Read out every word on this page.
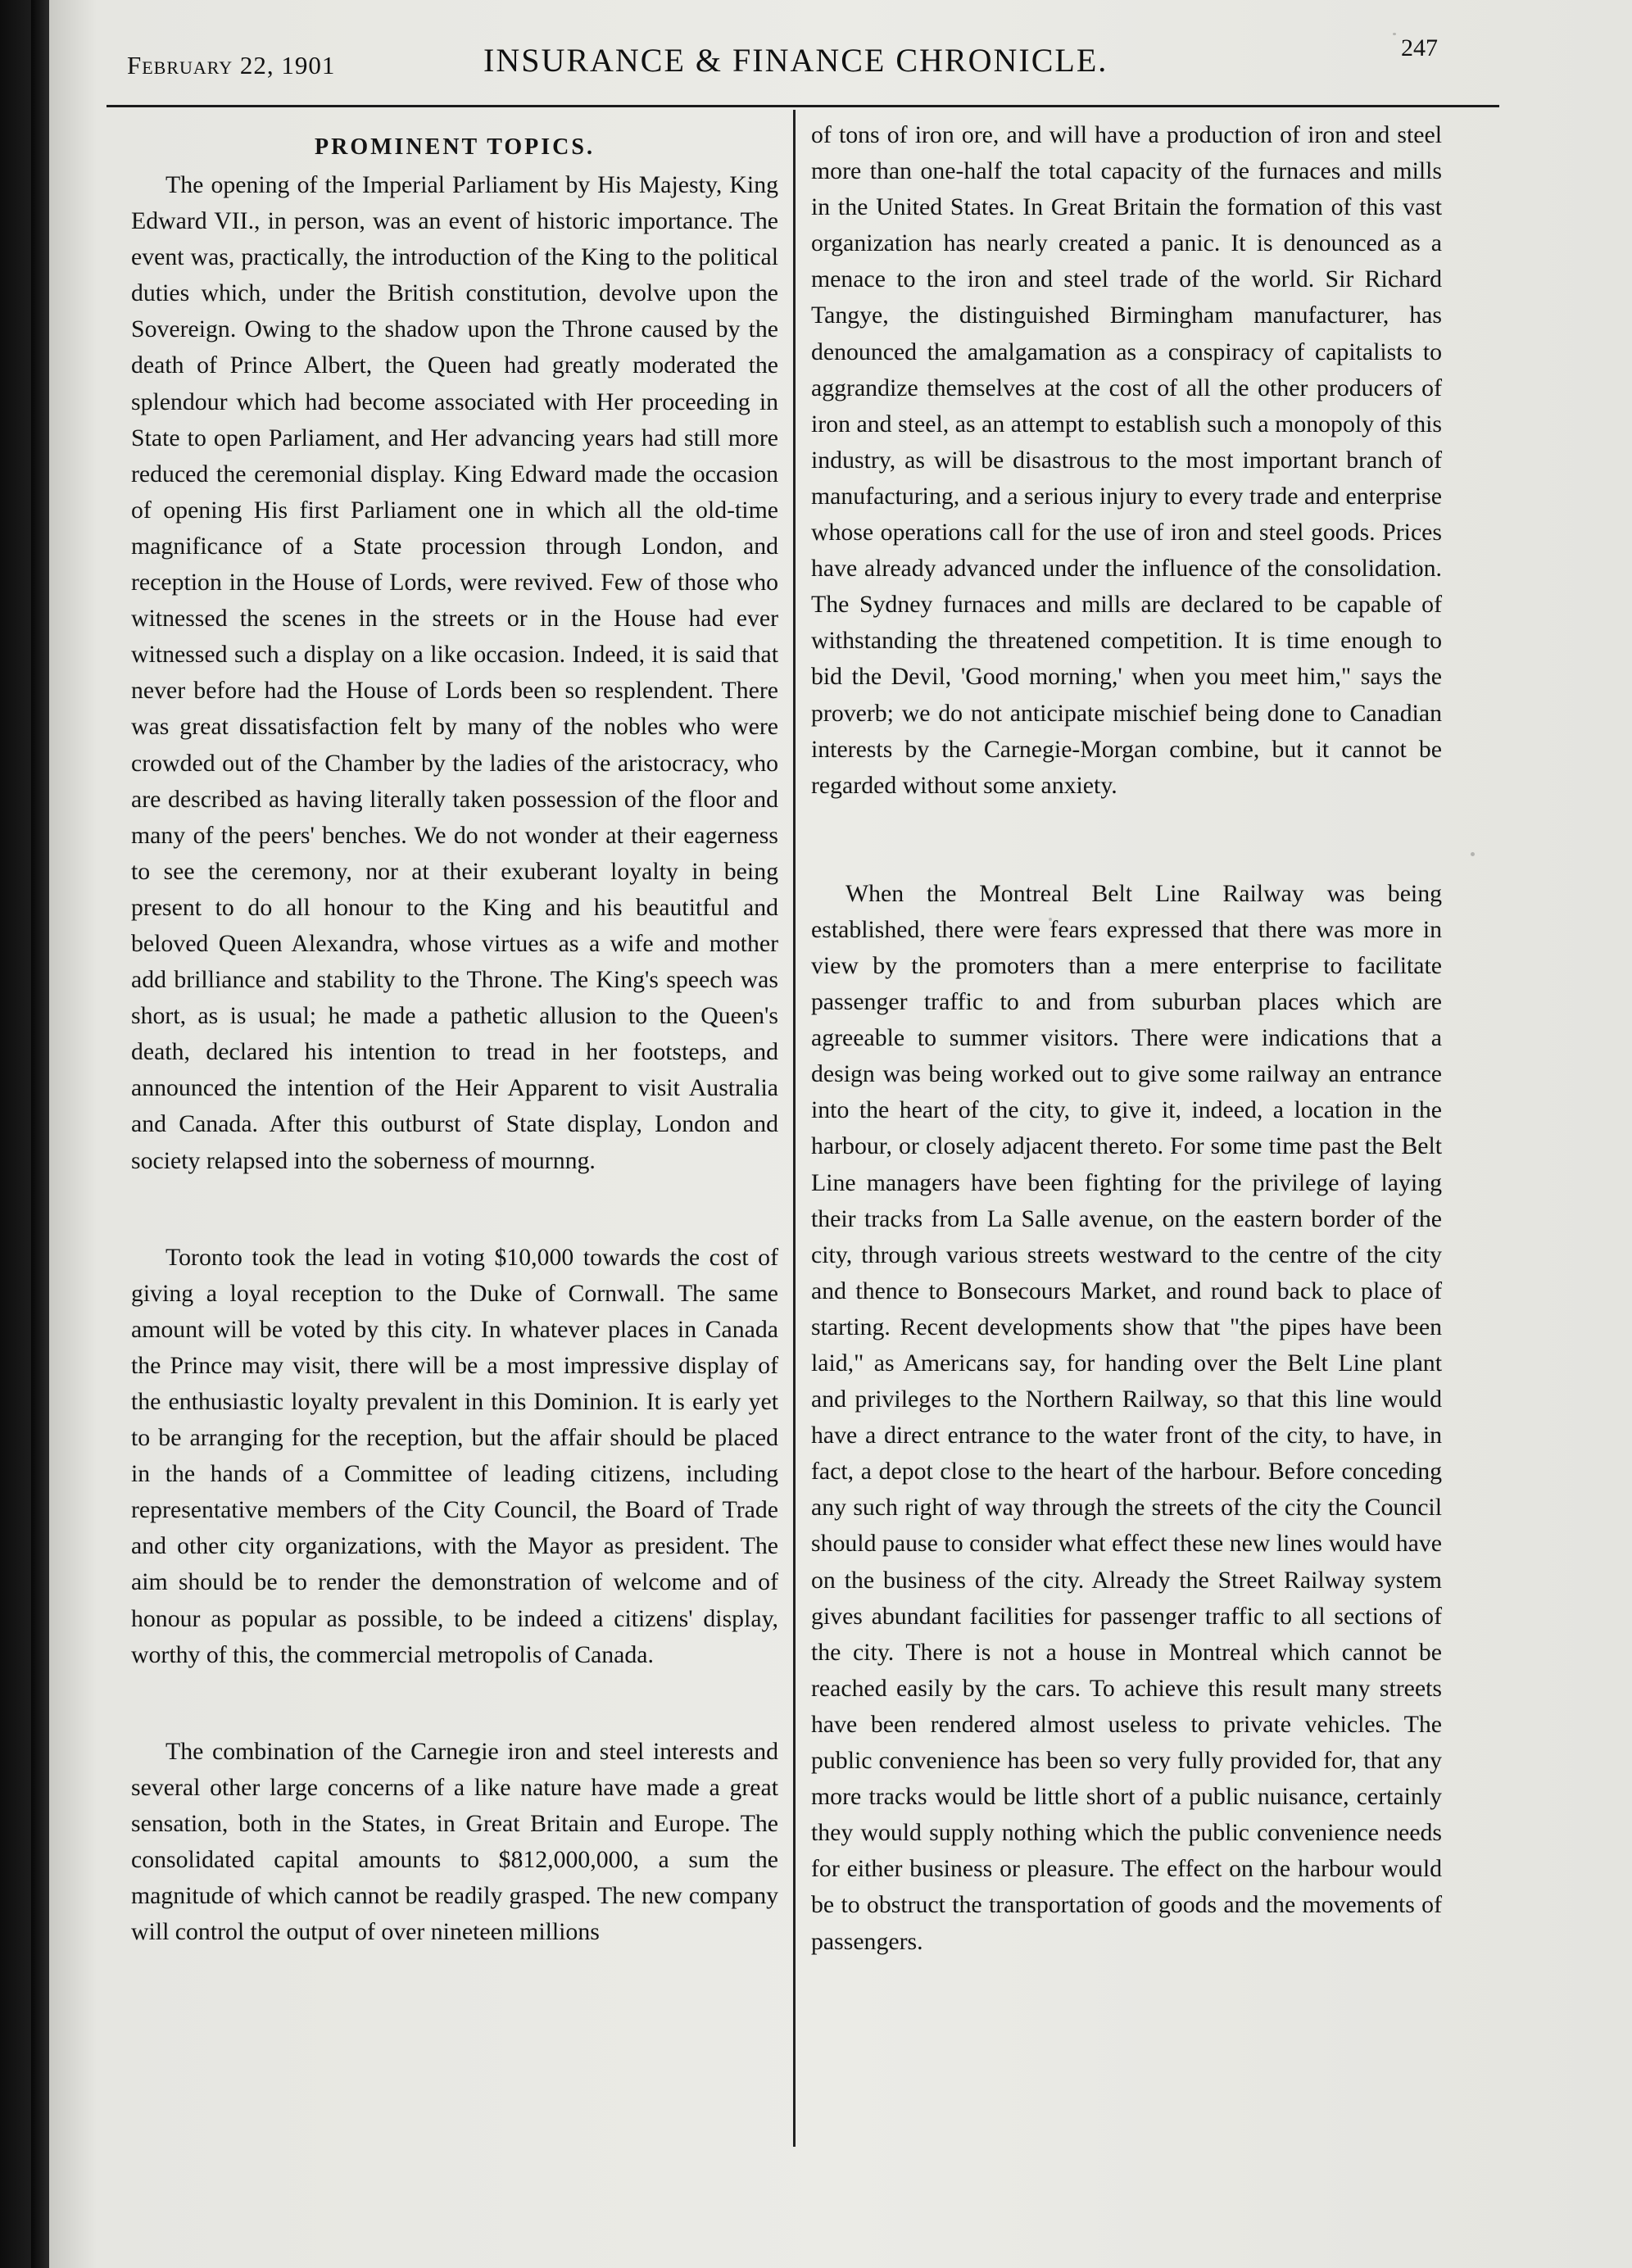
February 22, 1901	INSURANCE & FINANCE CHRONICLE.	247
PROMINENT TOPICS.

The opening of the Imperial Parliament by His Majesty, King Edward VII., in person, was an event of historic importance. The event was, practically, the introduction of the King to the political duties which, under the British constitution, devolve upon the Sovereign. Owing to the shadow upon the Throne caused by the death of Prince Albert, the Queen had greatly moderated the splendour which had become associated with Her proceeding in State to open Parliament, and Her advancing years had still more reduced the ceremonial display. King Edward made the occasion of opening His first Parliament one in which all the old-time magnificance of a State procession through London, and reception in the House of Lords, were revived. Few of those who witnessed the scenes in the streets or in the House had ever witnessed such a display on a like occasion. Indeed, it is said that never before had the House of Lords been so resplendent. There was great dissatisfaction felt by many of the nobles who were crowded out of the Chamber by the ladies of the aristocracy, who are described as having literally taken possession of the floor and many of the peers' benches. We do not wonder at their eagerness to see the ceremony, nor at their exuberant loyalty in being present to do all honour to the King and his beautitful and beloved Queen Alexandra, whose virtues as a wife and mother add brilliance and stability to the Throne. The King's speech was short, as is usual; he made a pathetic allusion to the Queen's death, declared his intention to tread in her footsteps, and announced the intention of the Heir Apparent to visit Australia and Canada. After this outburst of State display, London and society relapsed into the soberness of mournng.

Toronto took the lead in voting $10,000 towards the cost of giving a loyal reception to the Duke of Cornwall. The same amount will be voted by this city. In whatever places in Canada the Prince may visit, there will be a most impressive display of the enthusiastic loyalty prevalent in this Dominion. It is early yet to be arranging for the reception, but the affair should be placed in the hands of a Committee of leading citizens, including representative members of the City Council, the Board of Trade and other city organizations, with the Mayor as president. The aim should be to render the demonstration of welcome and of honour as popular as possible, to be indeed a citizens' display, worthy of this, the commercial metropolis of Canada.

The combination of the Carnegie iron and steel interests and several other large concerns of a like nature have made a great sensation, both in the States, in Great Britain and Europe. The consolidated capital amounts to $812,000,000, a sum the magnitude of which cannot be readily grasped. The new company will control the output of over nineteen millions

of tons of iron ore, and will have a production of iron and steel more than one-half the total capacity of the furnaces and mills in the United States. In Great Britain the formation of this vast organization has nearly created a panic. It is denounced as a menace to the iron and steel trade of the world. Sir Richard Tangye, the distinguished Birmingham manufacturer, has denounced the amalgamation as a conspiracy of capitalists to aggrandize themselves at the cost of all the other producers of iron and steel, as an attempt to establish such a monopoly of this industry, as will be disastrous to the most important branch of manufacturing, and a serious injury to every trade and enterprise whose operations call for the use of iron and steel goods. Prices have already advanced under the influence of the consolidation. The Sydney furnaces and mills are declared to be capable of withstanding the threatened competition. It is time enough to bid the Devil, 'Good morning,' when you meet him," says the proverb; we do not anticipate mischief being done to Canadian interests by the Carnegie-Morgan combine, but it cannot be regarded without some anxiety.

When the Montreal Belt Line Railway was being established, there were fears expressed that there was more in view by the promoters than a mere enterprise to facilitate passenger traffic to and from suburban places which are agreeable to summer visitors. There were indications that a design was being worked out to give some railway an entrance into the heart of the city, to give it, indeed, a location in the harbour, or closely adjacent thereto. For some time past the Belt Line managers have been fighting for the privilege of laying their tracks from La Salle avenue, on the eastern border of the city, through various streets westward to the centre of the city and thence to Bonsecours Market, and round back to place of starting. Recent developments show that "the pipes have been laid," as Americans say, for handing over the Belt Line plant and privileges to the Northern Railway, so that this line would have a direct entrance to the water front of the city, to have, in fact, a depot close to the heart of the harbour. Before conceding any such right of way through the streets of the city the Council should pause to consider what effect these new lines would have on the business of the city. Already the Street Railway system gives abundant facilities for passenger traffic to all sections of the city. There is not a house in Montreal which cannot be reached easily by the cars. To achieve this result many streets have been rendered almost useless to private vehicles. The public convenience has been so very fully provided for, that any more tracks would be little short of a public nuisance, certainly they would supply nothing which the public convenience needs for either business or pleasure. The effect on the harbour would be to obstruct the transportation of goods and the movements of passengers.
